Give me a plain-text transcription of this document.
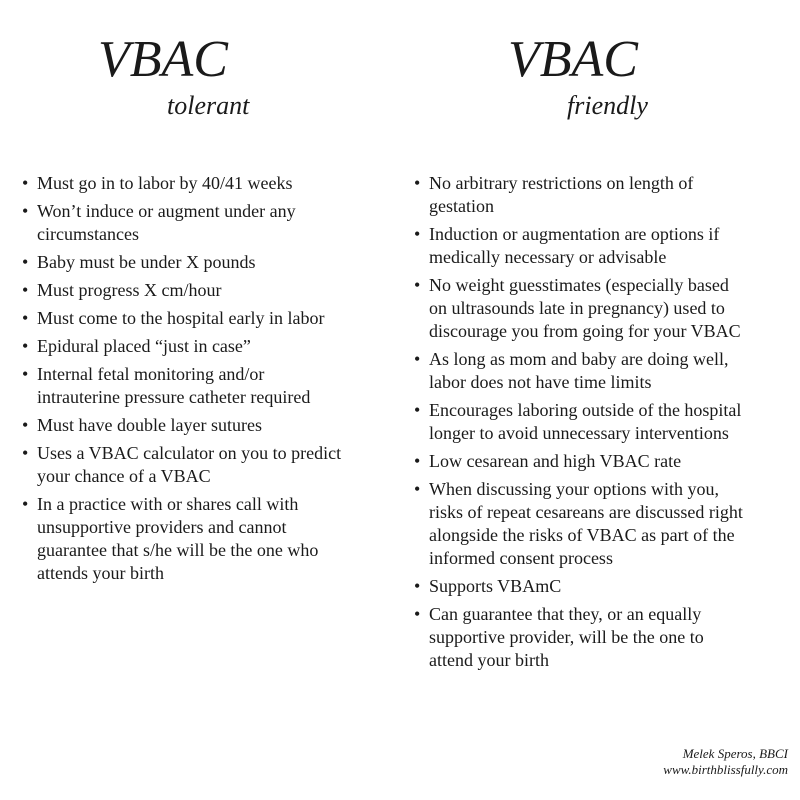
VBAC
tolerant
VBAC
friendly
• Must go in to labor by 40/41 weeks
• Won’t induce or augment under any
circumstances
• Baby must be under X pounds
• Must progress X cm/hour
• Must come to the hospital early in labor
• Epidural placed “just in case”
• Internal fetal monitoring and/or
intrauterine pressure catheter required
• Must have double layer sutures
• Uses a VBAC calculator on you to predict
your chance of a VBAC
• In a practice with or shares call with
unsupportive providers and cannot
guarantee that s/he will be the one who
attends your birth
• No arbitrary restrictions on length of
gestation
• Induction or augmentation are options if
medically necessary or advisable
• No weight guesstimates (especially based
on ultrasounds late in pregnancy) used to
discourage you from going for your VBAC
• As long as mom and baby are doing well,
labor does not have time limits
• Encourages laboring outside of the hospital
longer to avoid unnecessary interventions
• Low cesarean and high VBAC rate
• When discussing your options with you,
risks of repeat cesareans are discussed right
alongside the risks of VBAC as part of the
informed consent process
• Supports VBAmC
• Can guarantee that they, or an equally
supportive provider, will be the one to
attend your birth
Melek Speros, BBCI
www.birthblissfully.com
